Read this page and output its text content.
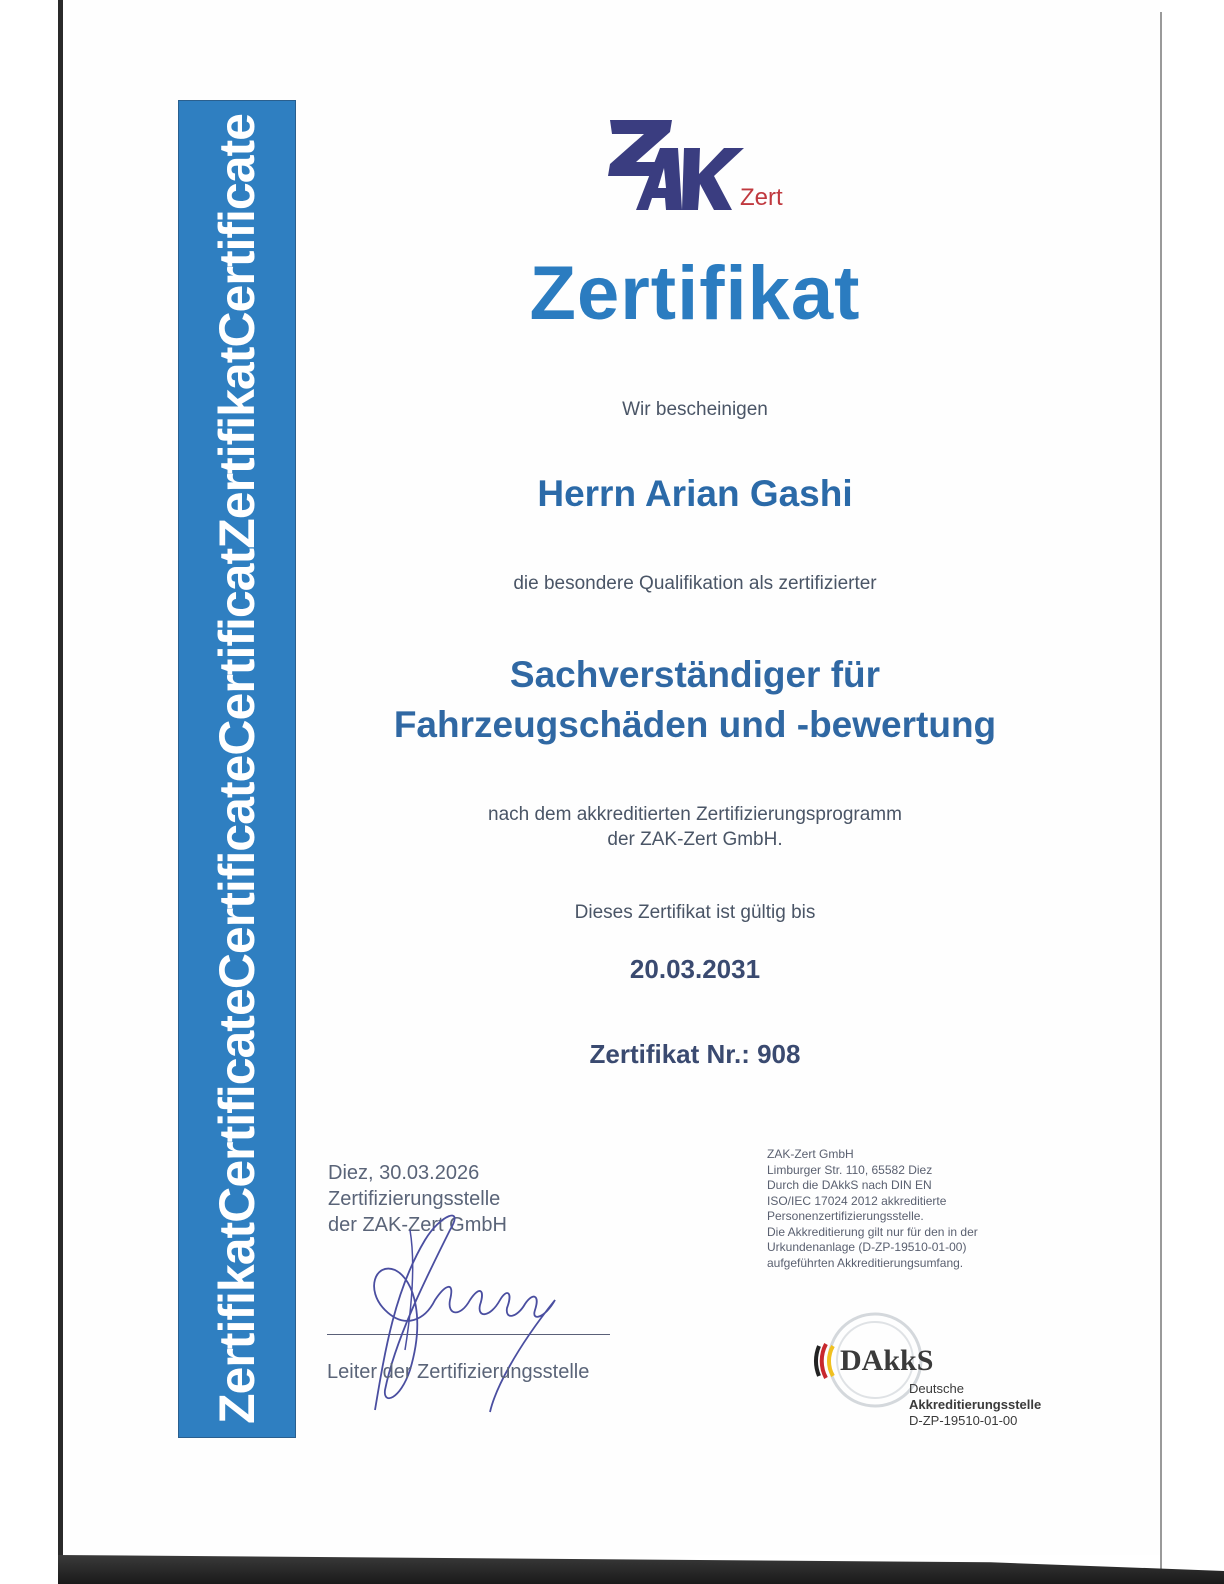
Zertifikat
Certificate
Certificate
Certificat
Zertifikat
Certificate	Zert
Zertifikat
Wir bescheinigen
Herrn Arian Gashi
die besondere Qualifikation als zertifizierter
Sachverständiger für
Fahrzeugschäden und -bewertung
nach dem akkreditierten Zertifizierungsprogramm
der ZAK-Zert GmbH.
Dieses Zertifikat ist gültig bis
20.03.2031
Zertifikat Nr.: 908
Diez, 30.03.2026
Zertifizierungsstelle
der ZAK-Zert GmbH
Leiter der Zertifizierungsstelle
ZAK-Zert GmbH
Limburger Str. 110, 65582 Diez
Durch die DAkkS nach DIN EN
ISO/IEC 17024 2012 akkreditierte
Personenzertifizierungsstelle.
Die Akkreditierung gilt nur für den in der
Urkundenanlage (D-ZP-19510-01-00)
aufgeführten Akkreditierungsumfang.
DAkkS
Deutsche
Akkreditierungsstelle
D-ZP-19510-01-00
